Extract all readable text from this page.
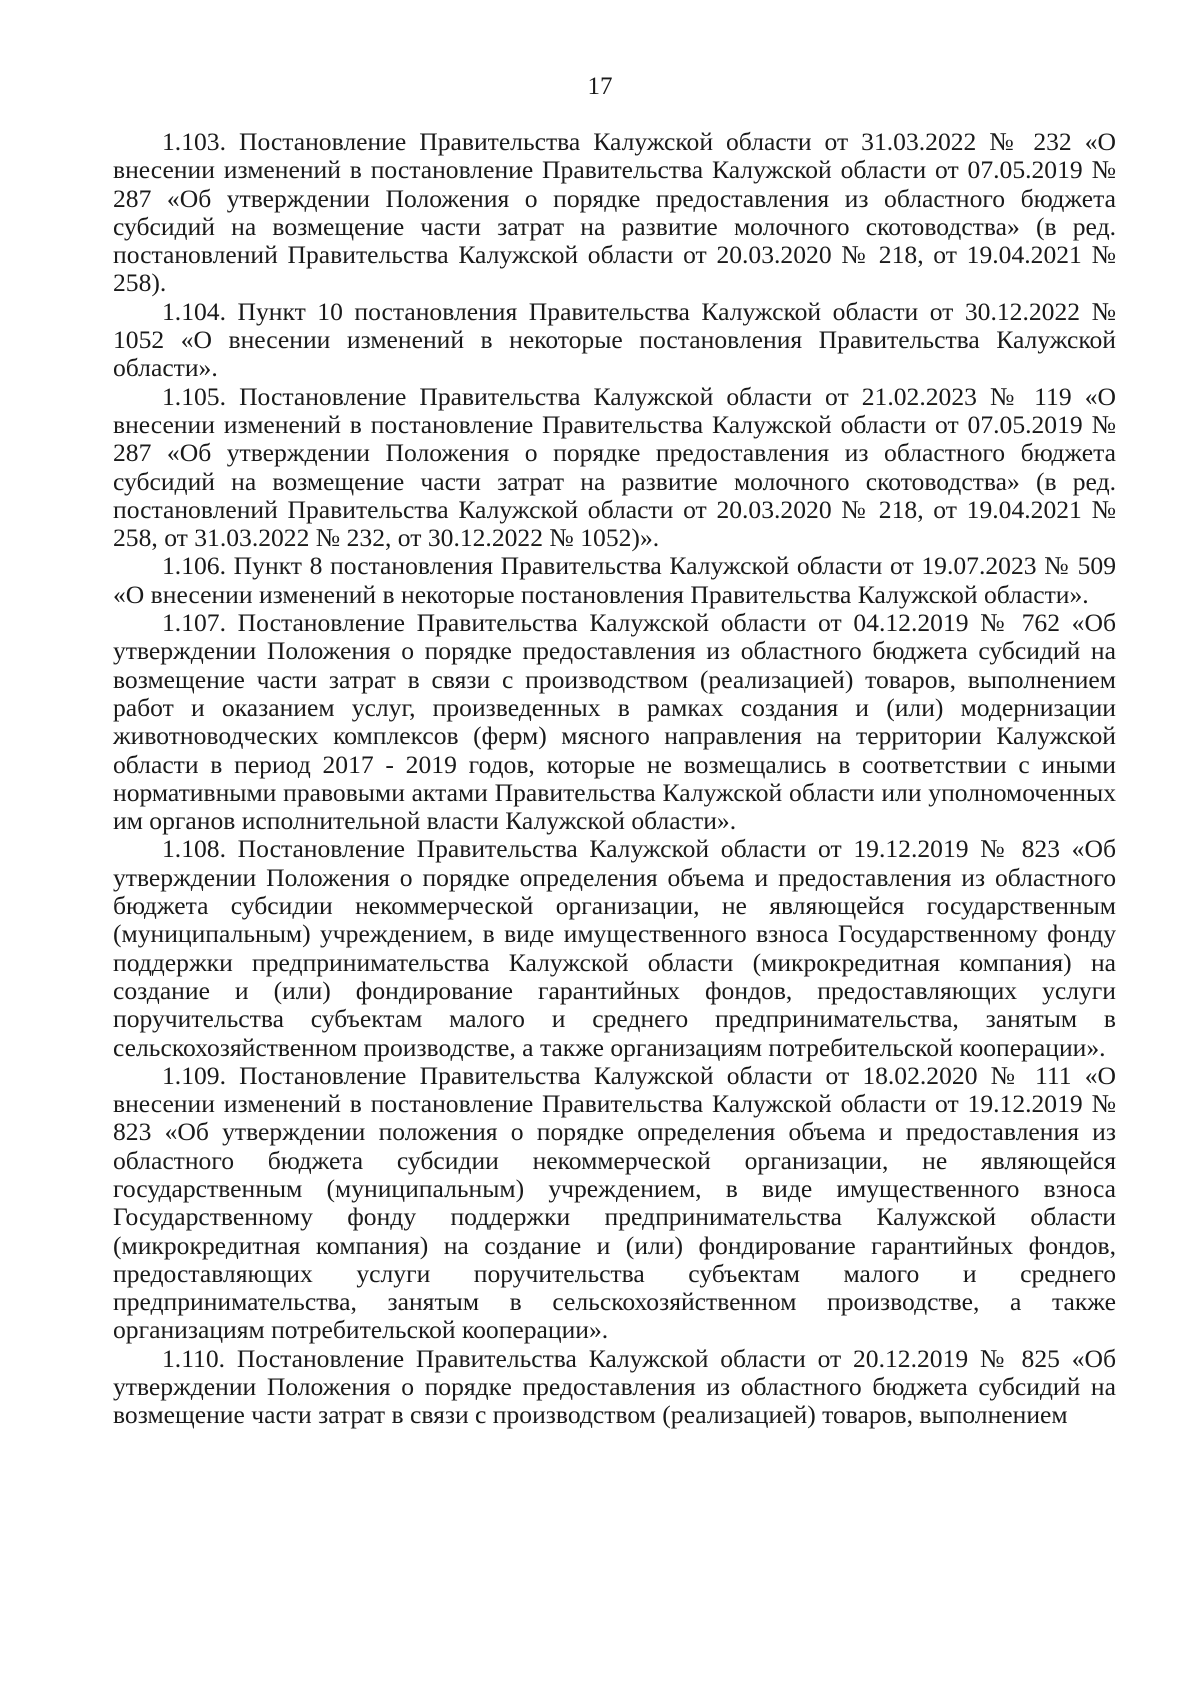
17

1.103. Постановление Правительства Калужской области от 31.03.2022 № 232 «О внесении изменений в постановление Правительства Калужской области от 07.05.2019 № 287 «Об утверждении Положения о порядке предоставления из областного бюджета субсидий на возмещение части затрат на развитие молочного скотоводства» (в ред. постановлений Правительства Калужской области от 20.03.2020 № 218, от 19.04.2021 № 258).

1.104. Пункт 10 постановления Правительства Калужской области от 30.12.2022 № 1052 «О внесении изменений в некоторые постановления Правительства Калужской области».

1.105. Постановление Правительства Калужской области от 21.02.2023 № 119 «О внесении изменений в постановление Правительства Калужской области от 07.05.2019 № 287 «Об утверждении Положения о порядке предоставления из областного бюджета субсидий на возмещение части затрат на развитие молочного скотоводства» (в ред. постановлений Правительства Калужской области от 20.03.2020 № 218, от 19.04.2021 № 258, от 31.03.2022 № 232, от 30.12.2022 № 1052)».

1.106. Пункт 8 постановления Правительства Калужской области от 19.07.2023 № 509 «О внесении изменений в некоторые постановления Правительства Калужской области».

1.107. Постановление Правительства Калужской области от 04.12.2019 № 762 «Об утверждении Положения о порядке предоставления из областного бюджета субсидий на возмещение части затрат в связи с производством (реализацией) товаров, выполнением работ и оказанием услуг, произведенных в рамках создания и (или) модернизации животноводческих комплексов (ферм) мясного направления на территории Калужской области в период 2017 - 2019 годов, которые не возмещались в соответствии с иными нормативными правовыми актами Правительства Калужской области или уполномоченных им органов исполнительной власти Калужской области».

1.108. Постановление Правительства Калужской области от 19.12.2019 № 823 «Об утверждении Положения о порядке определения объема и предоставления из областного бюджета субсидии некоммерческой организации, не являющейся государственным (муниципальным) учреждением, в виде имущественного взноса Государственному фонду поддержки предпринимательства Калужской области (микрокредитная компания) на создание и (или) фондирование гарантийных фондов, предоставляющих услуги поручительства субъектам малого и среднего предпринимательства, занятым в сельскохозяйственном производстве, а также организациям потребительской кооперации».

1.109. Постановление Правительства Калужской области от 18.02.2020 № 111 «О внесении изменений в постановление Правительства Калужской области от 19.12.2019 № 823 «Об утверждении положения о порядке определения объема и предоставления из областного бюджета субсидии некоммерческой организации, не являющейся государственным (муниципальным) учреждением, в виде имущественного взноса Государственному фонду поддержки предпринимательства Калужской области (микрокредитная компания) на создание и (или) фондирование гарантийных фондов, предоставляющих услуги поручительства субъектам малого и среднего предпринимательства, занятым в сельскохозяйственном производстве, а также организациям потребительской кооперации».

1.110. Постановление Правительства Калужской области от 20.12.2019 № 825 «Об утверждении Положения о порядке предоставления из областного бюджета субсидий на возмещение части затрат в связи с производством (реализацией) товаров, выполнением
